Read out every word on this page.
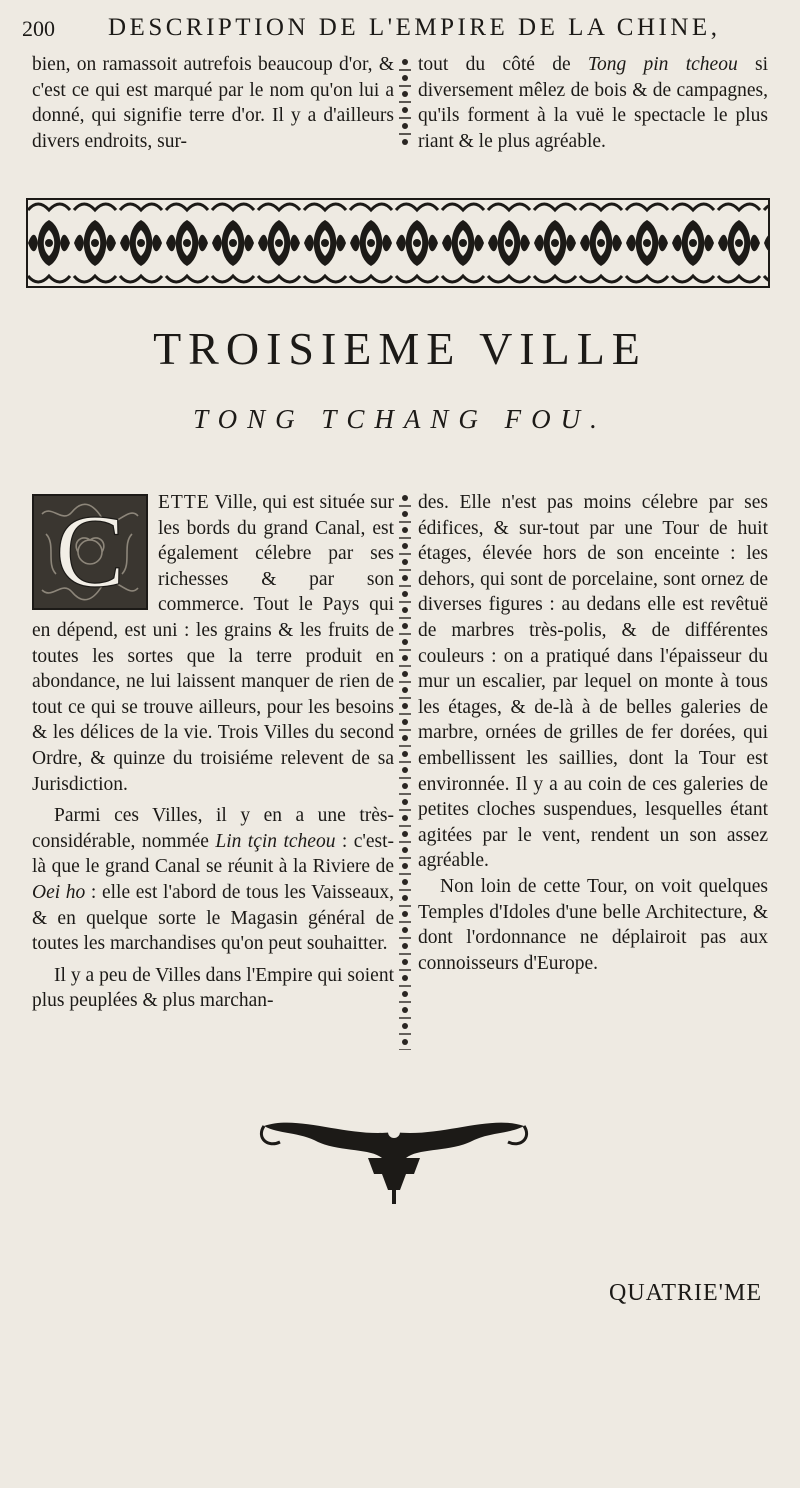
200 DESCRIPTION DE L'EMPIRE DE LA CHINE,

bien, on ramassoit autrefois beaucoup d'or, & c'est ce qui est marqué par le nom qu'on lui a donné, qui signifie terre d'or. Il y a d'ailleurs divers endroits, sur-

tout du côté de Tong pin tcheou si diversement mêlez de bois & de campagnes, qu'ils forment à la vuë le spectacle le plus riant & le plus agréable.

TROISIEME VILLE
TONG TCHANG FOU.

C ETTE Ville, qui est située sur les bords du grand Canal, est également célebre par ses richesses & par son commerce. Tout le Pays qui en dépend, est uni : les grains & les fruits de toutes les sortes que la terre produit en abondance, ne lui laissent manquer de rien de tout ce qui se trouve ailleurs, pour les besoins & les délices de la vie. Trois Villes du second Ordre, & quinze du troisiéme relevent de sa Jurisdiction.

Parmi ces Villes, il y en a une très-considérable, nommée Lin tçin tcheou : c'est-là que le grand Canal se réunit à la Riviere de Oei ho : elle est l'abord de tous les Vaisseaux, & en quelque sorte le Magasin général de toutes les marchandises qu'on peut souhaitter.

Il y a peu de Villes dans l'Empire qui soient plus peuplées & plus marchan-

des. Elle n'est pas moins célebre par ses édifices, & sur-tout par une Tour de huit étages, élevée hors de son enceinte : les dehors, qui sont de porcelaine, sont ornez de diverses figures : au dedans elle est revêtuë de marbres très-polis, & de différentes couleurs : on a pratiqué dans l'épaisseur du mur un escalier, par lequel on monte à tous les étages, & de-là à de belles galeries de marbre, ornées de grilles de fer dorées, qui embellissent les saillies, dont la Tour est environnée. Il y a au coin de ces galeries de petites cloches suspendues, lesquelles étant agitées par le vent, rendent un son assez agréable.

Non loin de cette Tour, on voit quelques Temples d'Idoles d'une belle Architecture, & dont l'ordonnance ne déplairoit pas aux connoisseurs d'Europe.

QUATRIE'ME
